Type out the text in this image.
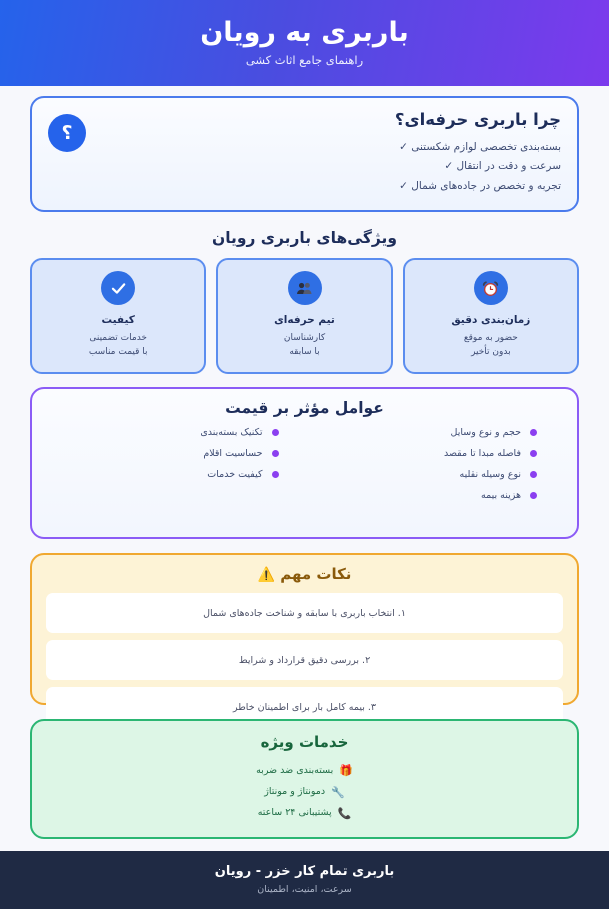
باربری به رویان
راهنمای جامع اثاث کشی
؟
چرا باربری حرفه‌ای؟
بسته‌بندی تخصصی لوازم شکستنی ✓
سرعت و دقت در انتقال ✓
تجربه و تخصص در جاده‌های شمال ✓
ویژگی‌های باربری رویان
زمان‌بندی دقیق
حضور به موقع
بدون تأخیر
تیم حرفه‌ای
کارشناسان
با سابقه
کیفیت
خدمات تضمینی
با قیمت مناسب
عوامل مؤثر بر قیمت
حجم و نوع وسایل
فاصله مبدا تا مقصد
نوع وسیله نقلیه
هزینه بیمه
تکنیک بسته‌بندی
حساسیت اقلام
کیفیت خدمات
نکات مهم ⚠️
۱. انتخاب باربری با سابقه و شناخت جاده‌های شمال
۲. بررسی دقیق قرارداد و شرایط
۳. بیمه کامل بار برای اطمینان خاطر
خدمات ویژه
🎁
بسته‌بندی ضد ضربه
🔧
دمونتاژ و مونتاژ
📞
پشتیبانی ۲۴ ساعته
باربری تمام کار خزر - رویان
سرعت، امنیت، اطمینان
